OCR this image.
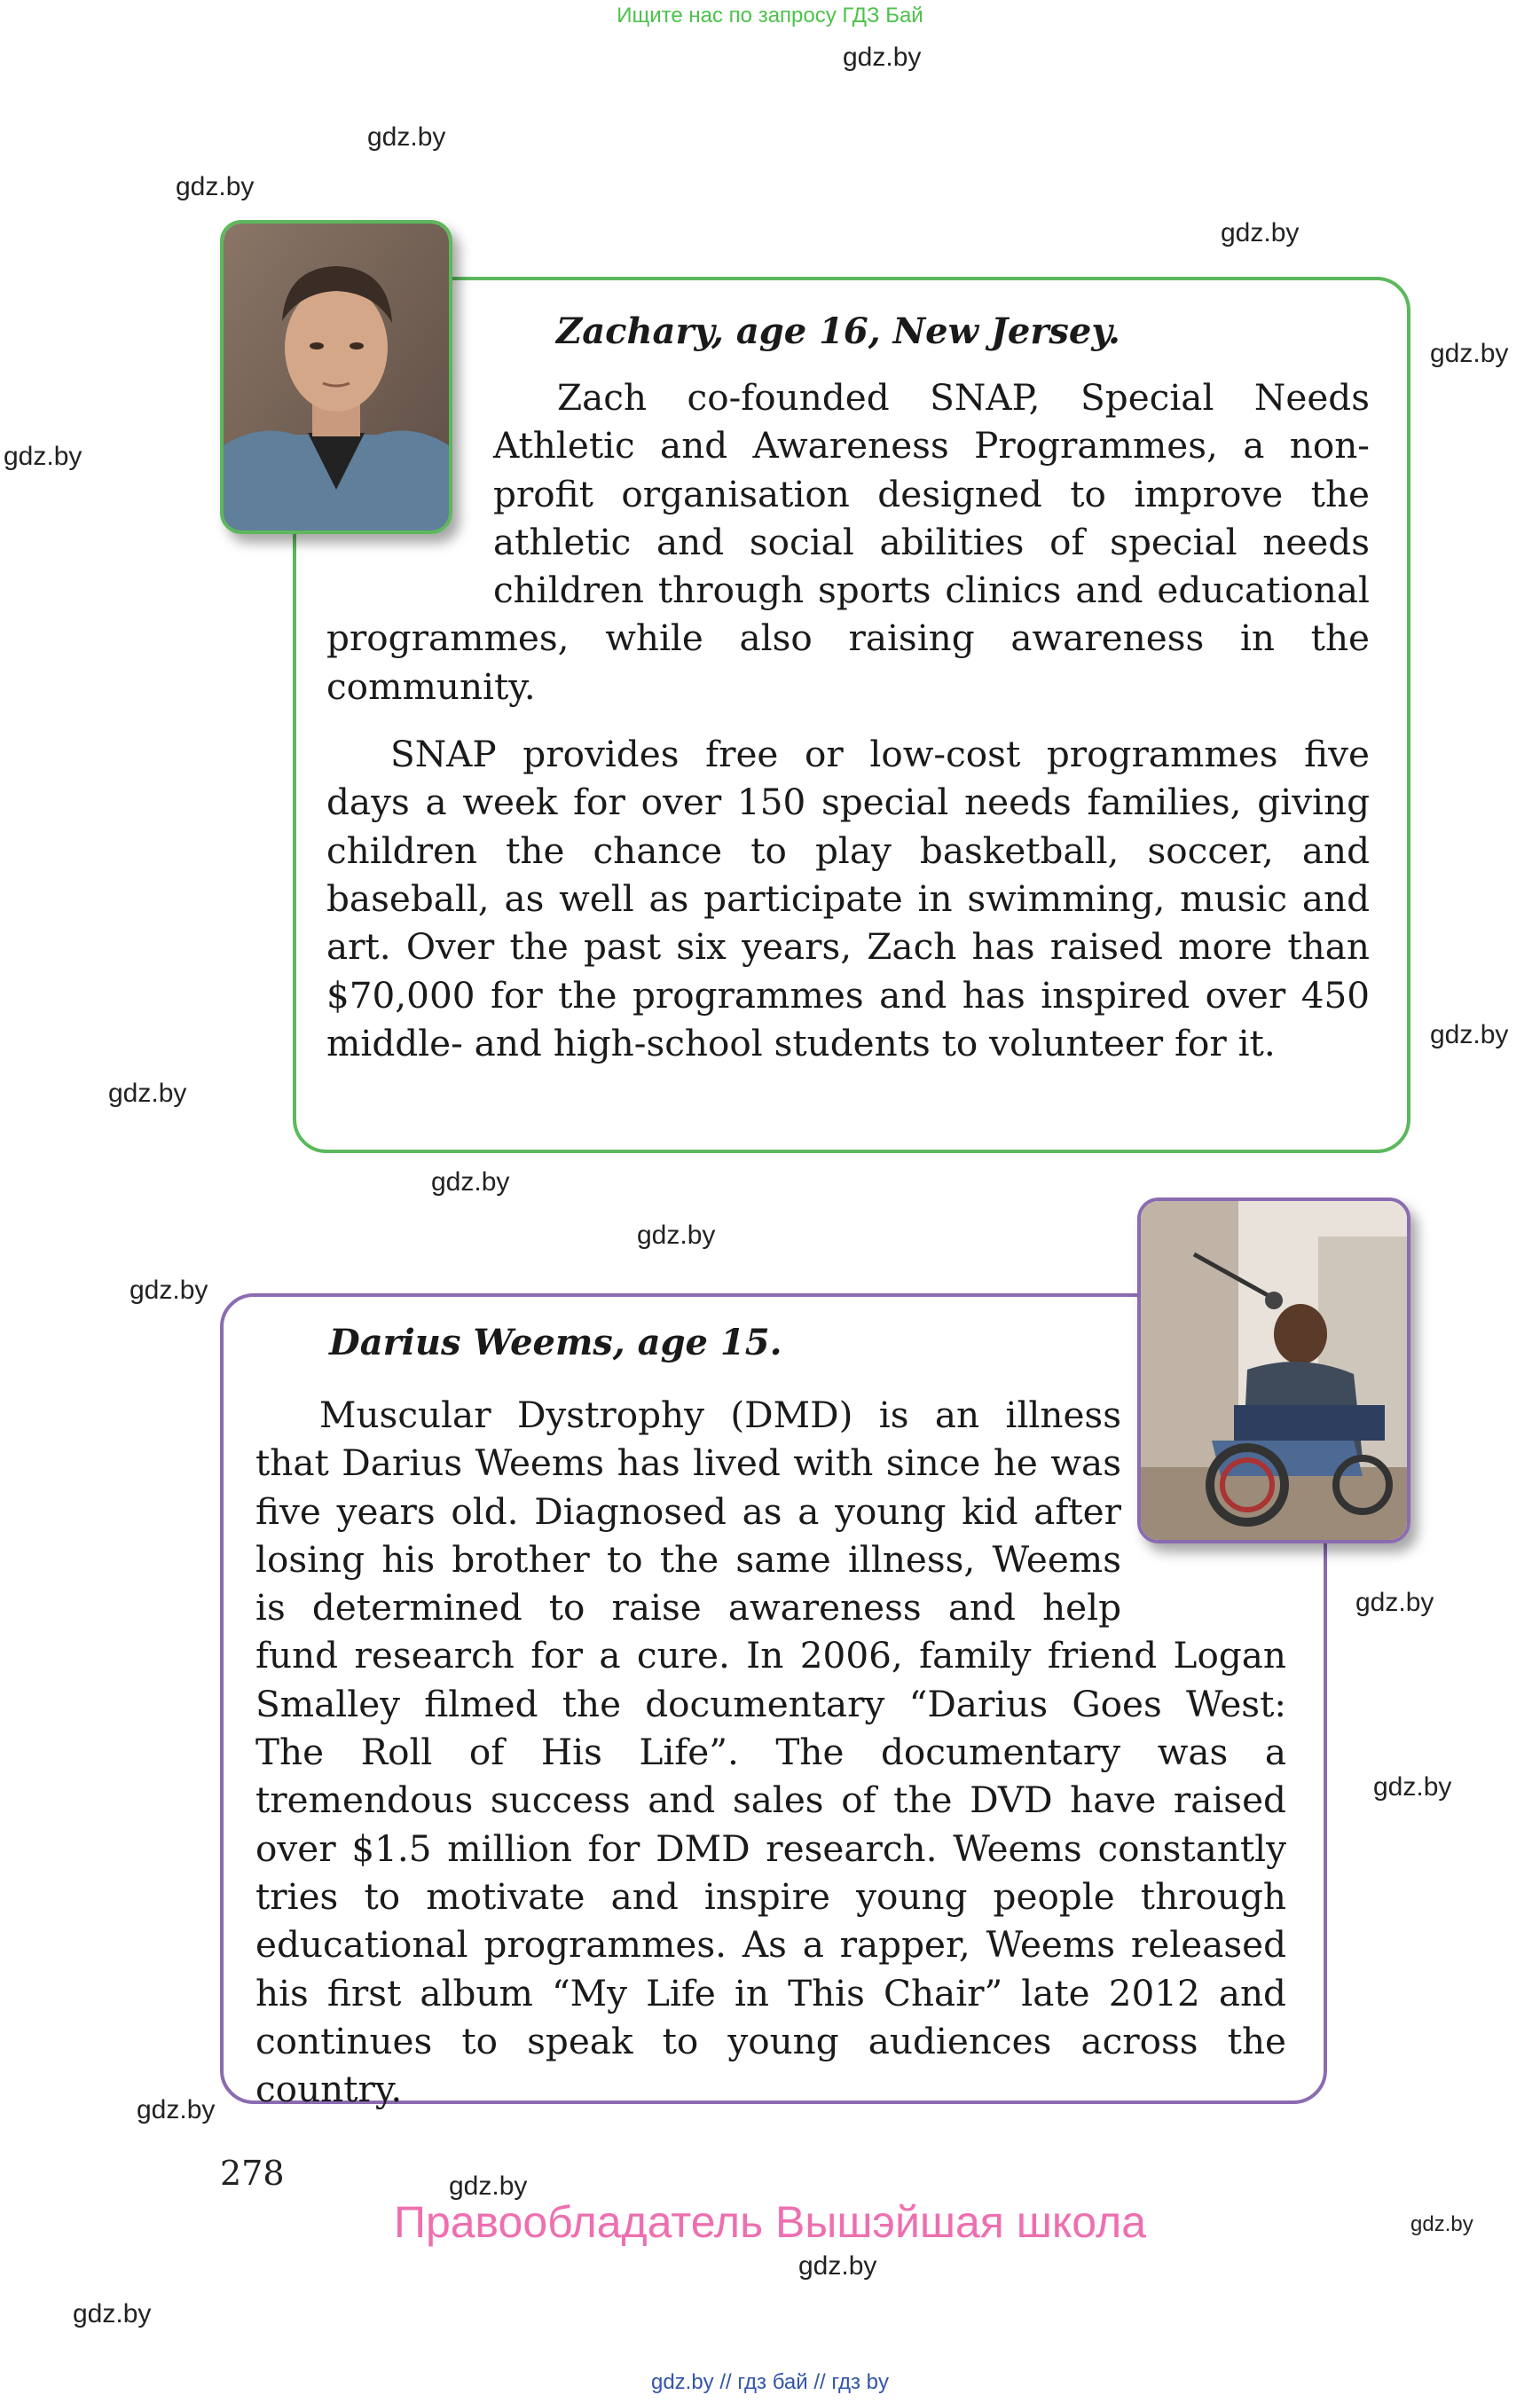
Ищите нас по запросу ГДЗ Бай
gdz.by
gdz.by
gdz.by
gdz.by
gdz.by
gdz.by
gdz.by
gdz.by
gdz.by
gdz.by
gdz.by
gdz.by
gdz.by
gdz.by
gdz.by
gdz.by
gdz.by
gdz.by
Zachary, age 16, New Jersey.

Zach co-founded SNAP, Special Needs Athletic and Awareness Programmes, a non-profit organisation designed to improve the athletic and social abilities of special needs children through sports clinics and educational programmes, while also raising awareness in the community.

SNAP provides free or low-cost programmes five days a week for over 150 special needs families, giving children the chance to play basketball, soccer, and baseball, as well as participate in swimming, music and art. Over the past six years, Zach has raised more than $70,000 for the programmes and has inspired over 450 middle- and high-school students to volunteer for it.

Darius Weems, age 15.

Muscular Dystrophy (DMD) is an illness that Darius Weems has lived with since he was five years old. Diagnosed as a young kid after losing his brother to the same illness, Weems is determined to raise awareness and help fund research for a cure. In 2006, family friend Logan Smalley filmed the documentary “Darius Goes West: The Roll of His Life”. The documentary was a tremendous success and sales of the DVD have raised over $1.5 million for DMD research. Weems constantly tries to motivate and inspire young people through educational programmes. As a rapper, Weems released his first album “My Life in This Chair” late 2012 and continues to speak to young audiences across the country.

278
Правообладатель Вышэйшая школа
gdz.by // гдз бай // гдз by
